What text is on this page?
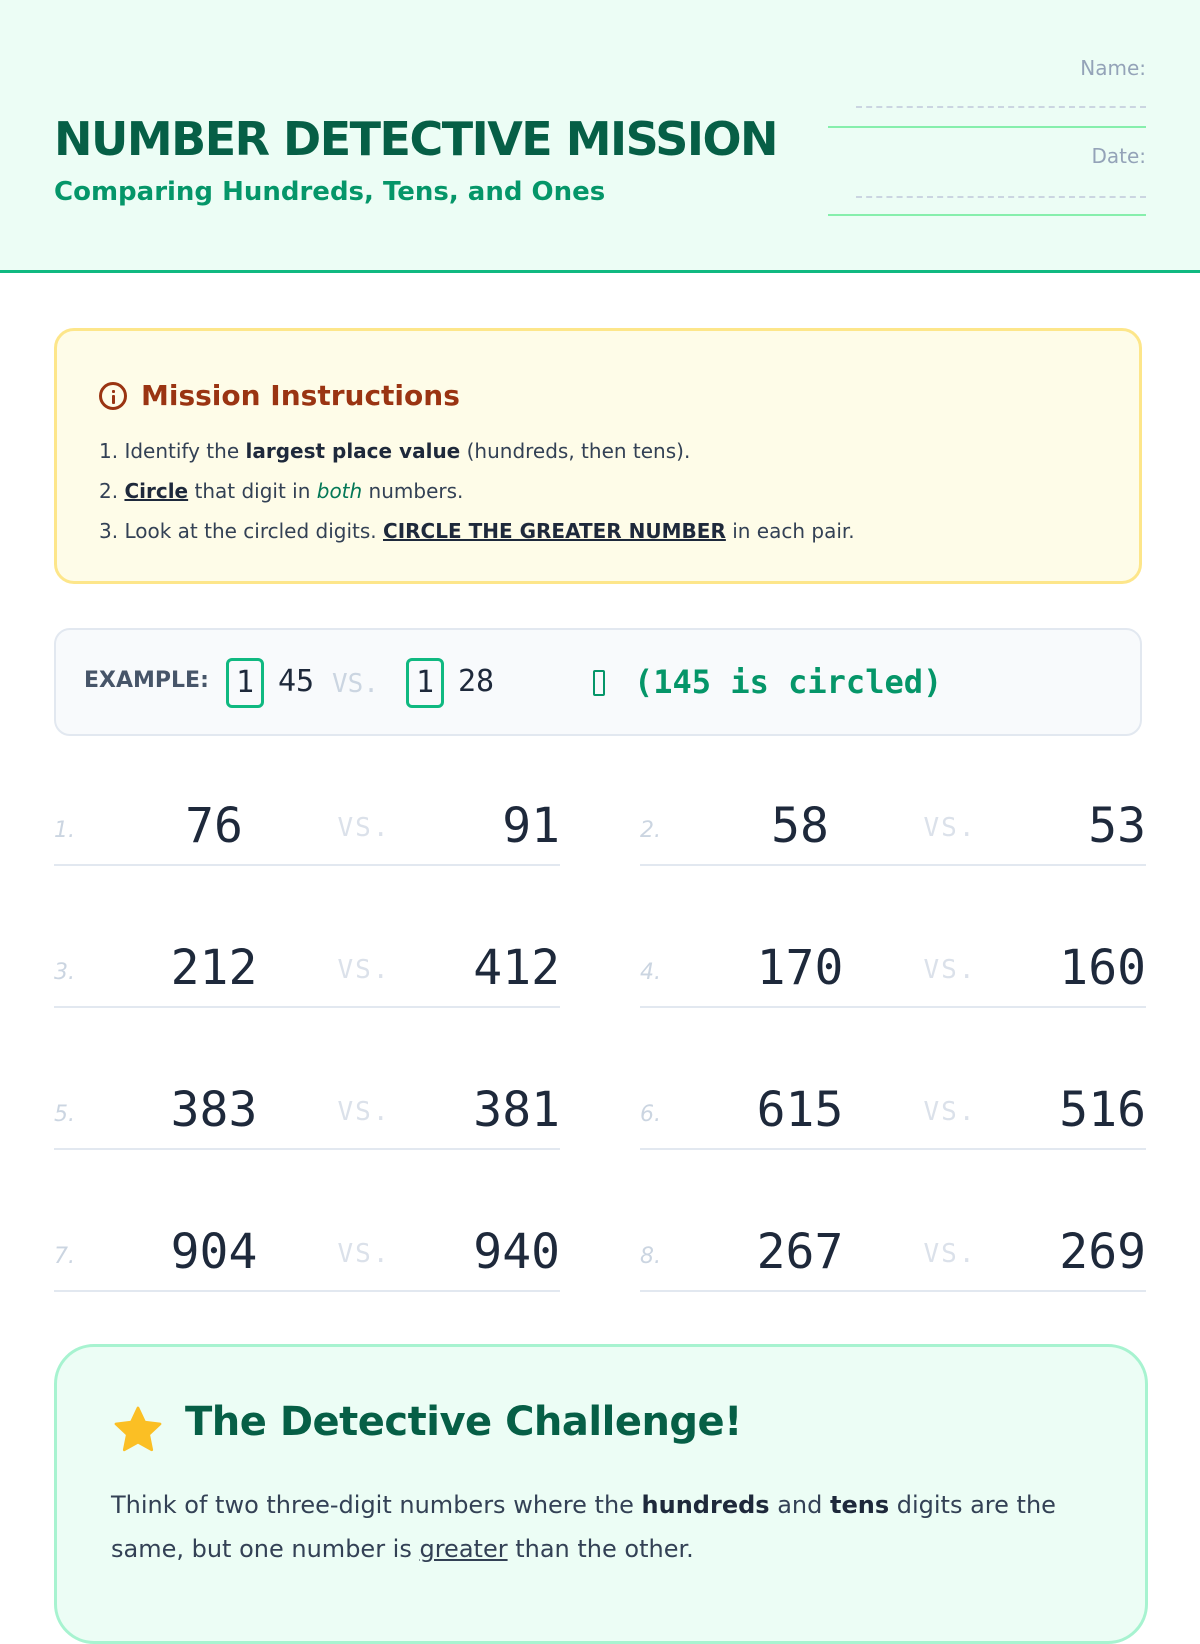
NUMBER DETECTIVE MISSION
Comparing Hundreds, Tens, and Ones
Name:
Date:
Mission Instructions
1. Identify the largest place value (hundreds, then tens).
2. Circle that digit in both numbers.
3. Look at the circled digits. CIRCLE THE GREATER NUMBER in each pair.
EXAMPLE: 1 45 VS.	1 28	(145 is circled)
1.	76	VS.	91	2.	58	VS.	53
3.	212	VS.	412	4.	170	VS.	160
5.	383	VS.	381	6.	615	VS.	516
7.	904	VS.	940	8.	267	VS.	269
The Detective Challenge!
Think of two three-digit numbers where the hundreds and tens digits are the same, but one number is greater than the other.
